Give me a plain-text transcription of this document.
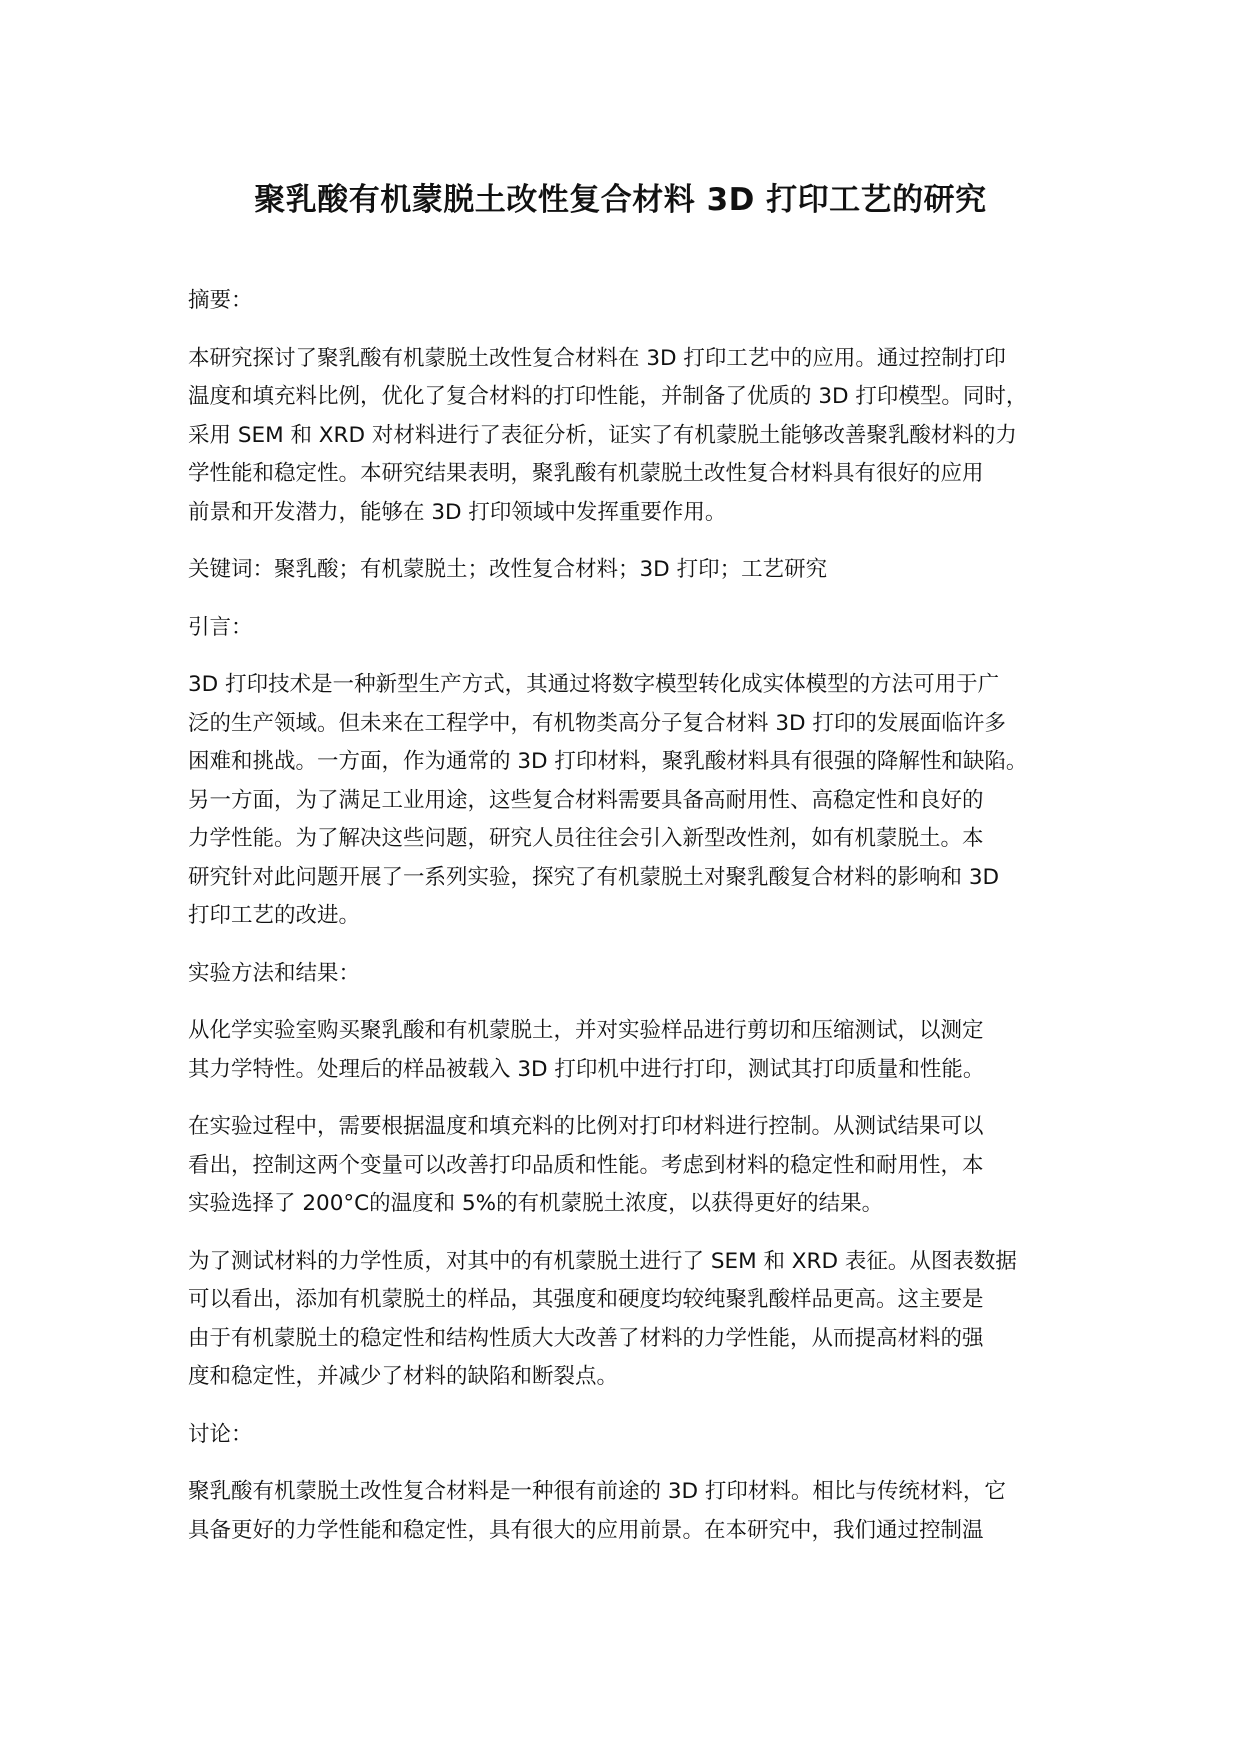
聚乳酸有机蒙脱土改性复合材料 3D 打印工艺的研究

摘要：

本研究探讨了聚乳酸有机蒙脱土改性复合材料在 3D 打印工艺中的应用。通过控制打印

温度和填充料比例，优化了复合材料的打印性能，并制备了优质的 3D 打印模型。同时，

采用 SEM 和 XRD 对材料进行了表征分析，证实了有机蒙脱土能够改善聚乳酸材料的力

学性能和稳定性。本研究结果表明，聚乳酸有机蒙脱土改性复合材料具有很好的应用

前景和开发潜力，能够在 3D 打印领域中发挥重要作用。

关键词：聚乳酸；有机蒙脱土；改性复合材料；3D 打印；工艺研究

引言：

3D 打印技术是一种新型生产方式，其通过将数字模型转化成实体模型的方法可用于广

泛的生产领域。但未来在工程学中，有机物类高分子复合材料 3D 打印的发展面临许多

困难和挑战。一方面，作为通常的 3D 打印材料，聚乳酸材料具有很强的降解性和缺陷。

另一方面，为了满足工业用途，这些复合材料需要具备高耐用性、高稳定性和良好的

力学性能。为了解决这些问题，研究人员往往会引入新型改性剂，如有机蒙脱土。本

研究针对此问题开展了一系列实验，探究了有机蒙脱土对聚乳酸复合材料的影响和 3D

打印工艺的改进。

实验方法和结果：

从化学实验室购买聚乳酸和有机蒙脱土，并对实验样品进行剪切和压缩测试，以测定

其力学特性。处理后的样品被载入 3D 打印机中进行打印，测试其打印质量和性能。

在实验过程中，需要根据温度和填充料的比例对打印材料进行控制。从测试结果可以

看出，控制这两个变量可以改善打印品质和性能。考虑到材料的稳定性和耐用性，本

实验选择了 200°C的温度和 5%的有机蒙脱土浓度，以获得更好的结果。

为了测试材料的力学性质，对其中的有机蒙脱土进行了 SEM 和 XRD 表征。从图表数据

可以看出，添加有机蒙脱土的样品，其强度和硬度均较纯聚乳酸样品更高。这主要是

由于有机蒙脱土的稳定性和结构性质大大改善了材料的力学性能，从而提高材料的强

度和稳定性，并减少了材料的缺陷和断裂点。

讨论：

聚乳酸有机蒙脱土改性复合材料是一种很有前途的 3D 打印材料。相比与传统材料，它

具备更好的力学性能和稳定性，具有很大的应用前景。在本研究中，我们通过控制温
